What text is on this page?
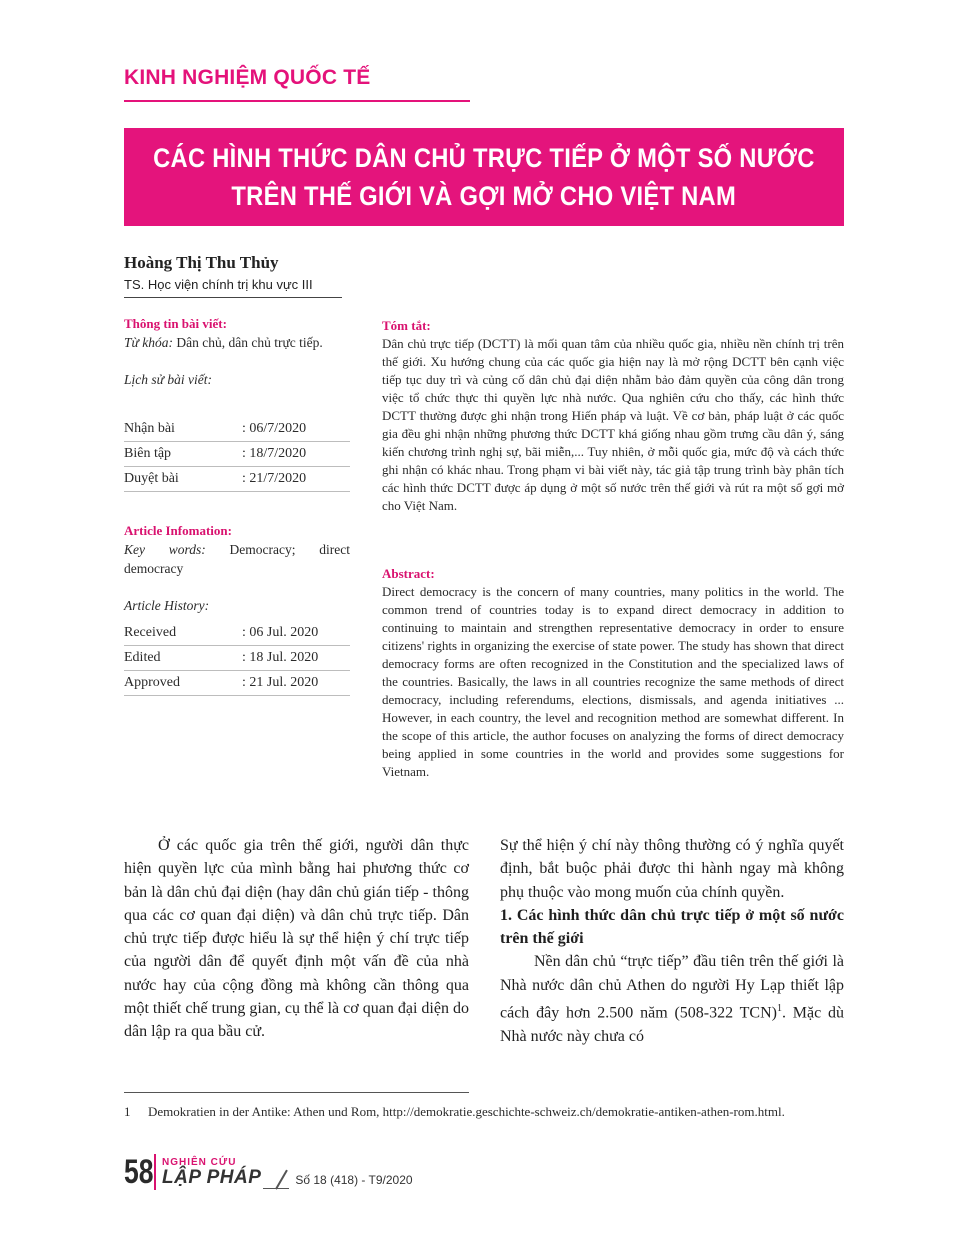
KINH NGHIỆM QUỐC TẾ
CÁC HÌNH THỨC DÂN CHỦ TRỰC TIẾP Ở MỘT SỐ NƯỚC
TRÊN THẾ GIỚI VÀ GỢI MỞ CHO VIỆT NAM
Hoàng Thị Thu Thủy
TS. Học viện chính trị khu vực III
Thông tin bài viết:
Từ khóa: Dân chủ, dân chủ trực tiếp.
Lịch sử bài viết:
Nhận bài	: 06/7/2020
Biên tập	: 18/7/2020
Duyệt bài	: 21/7/2020
Article Infomation:
Key words: Democracy; direct democracy
Article History:
Received	: 06 Jul. 2020
Edited	: 18 Jul. 2020
Approved	: 21 Jul. 2020
Tóm tắt:
Dân chủ trực tiếp (DCTT) là mối quan tâm của nhiều quốc gia, nhiều nền chính trị trên thế giới. Xu hướng chung của các quốc gia hiện nay là mở rộng DCTT bên cạnh việc tiếp tục duy trì và củng cố dân chủ đại diện nhằm bảo đảm quyền của công dân trong việc tổ chức thực thi quyền lực nhà nước. Qua nghiên cứu cho thấy, các hình thức DCTT thường được ghi nhận trong Hiến pháp và luật. Về cơ bản, pháp luật ở các quốc gia đều ghi nhận những phương thức DCTT khá giống nhau gồm trưng cầu dân ý, sáng kiến chương trình nghị sự, bãi miễn,... Tuy nhiên, ở mỗi quốc gia, mức độ và cách thức ghi nhận có khác nhau. Trong phạm vi bài viết này, tác giả tập trung trình bày phân tích các hình thức DCTT được áp dụng ở một số nước trên thế giới và rút ra một số gợi mở cho Việt Nam.
Abstract:
Direct democracy is the concern of many countries, many politics in the world. The common trend of countries today is to expand direct democracy in addition to continuing to maintain and strengthen representative democracy in order to ensure citizens' rights in organizing the exercise of state power. The study has shown that direct democracy forms are often recognized in the Constitution and the specialized laws of the countries. Basically, the laws in all countries recognize the same methods of direct democracy, including referendums, elections, dismissals, and agenda initiatives ... However, in each country, the level and recognition method are somewhat different. In the scope of this article, the author focuses on analyzing the forms of direct democracy being applied in some countries in the world and provides some suggestions for Vietnam.

Ở các quốc gia trên thế giới, người dân thực hiện quyền lực của mình bằng hai phương thức cơ bản là dân chủ đại diện (hay dân chủ gián tiếp - thông qua các cơ quan đại diện) và dân chủ trực tiếp. Dân chủ trực tiếp được hiểu là sự thể hiện ý chí trực tiếp của người dân để quyết định một vấn đề của nhà nước hay của cộng đồng mà không cần thông qua một thiết chế trung gian, cụ thể là cơ quan đại diện do dân lập ra qua bầu cử.

Sự thể hiện ý chí này thông thường có ý nghĩa quyết định, bắt buộc phải được thi hành ngay mà không phụ thuộc vào mong muốn của chính quyền.

1. Các hình thức dân chủ trực tiếp ở một số nước trên thế giới

Nền dân chủ “trực tiếp” đầu tiên trên thế giới là Nhà nước dân chủ Athen do người Hy Lạp thiết lập cách đây hơn 2.500 năm (508-322 TCN)$^1$. Mặc dù Nhà nước này chưa có

1 Demokratien in der Antike: Athen und Rom, http://demokratie.geschichte-schweiz.ch/demokratie-antiken-athen-rom.html.
58 NGHIÊN CỨU
LẬP PHÁP	Số 18 (418) - T9/2020
